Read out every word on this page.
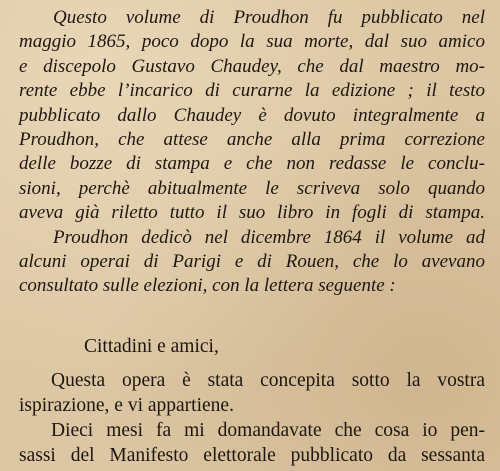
Questo volume di Proudhon fu pubblicato nel
maggio 1865, poco dopo la sua morte, dal suo amico
e discepolo Gustavo Chaudey, che dal maestro mo-
rente ebbe l’incarico di curarne la edizione ; il testo
pubblicato dallo Chaudey è dovuto integralmente a
Proudhon, che attese anche alla prima correzione
delle bozze di stampa e che non redasse le conclu-
sioni, perchè abitualmente le scriveva solo quando
aveva già riletto tutto il suo libro in fogli di stampa.
Proudhon dedicò nel dicembre 1864 il volume ad
alcuni operai di Parigi e di Rouen, che lo avevano
consultato sulle elezioni, con la lettera seguente :
Cittadini e amici,
Questa opera è stata concepita sotto la vostra
ispirazione, e vi appartiene.
Dieci mesi fa mi domandavate che cosa io pen-
sassi del Manifesto elettorale pubblicato da sessanta
